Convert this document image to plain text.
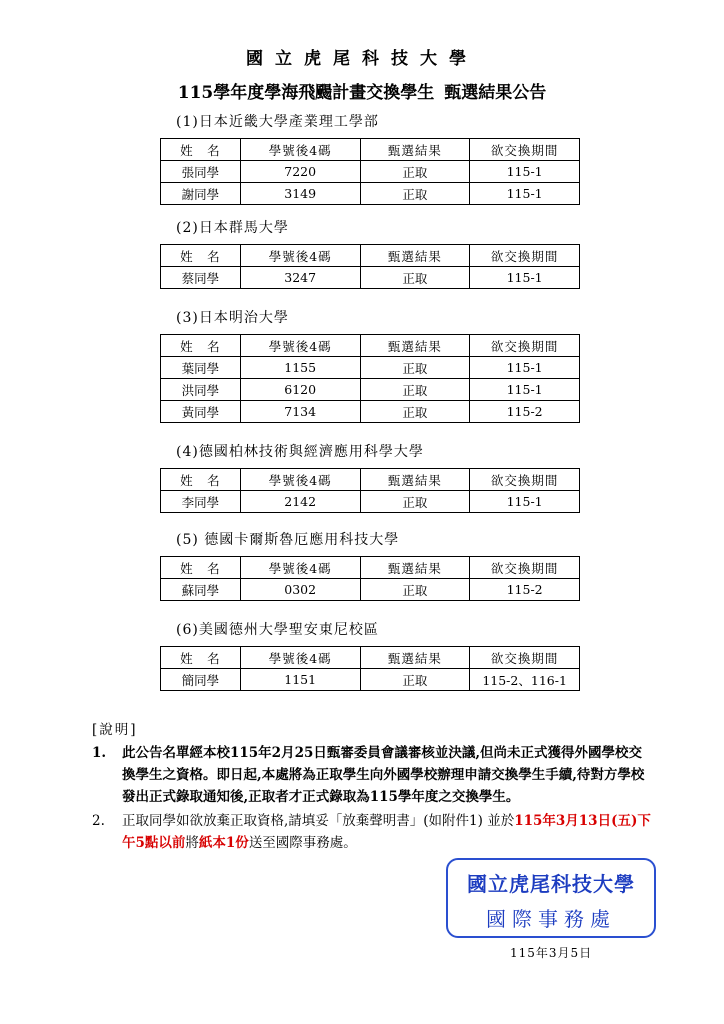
國立虎尾科技大學
115學年度學海飛颺計畫交換學生 甄選結果公告
(1)日本近畿大學產業理工學部
姓　名	學號後4碼	甄選結果	欲交換期間
張同學	7220	正取	115-1
謝同學	3149	正取	115-1
(2)日本群馬大學
姓　名	學號後4碼	甄選結果	欲交換期間
蔡同學	3247	正取	115-1
(3)日本明治大學
姓　名	學號後4碼	甄選結果	欲交換期間
葉同學	1155	正取	115-1
洪同學	6120	正取	115-1
黃同學	7134	正取	115-2
(4)德國柏林技術與經濟應用科學大學
姓　名	學號後4碼	甄選結果	欲交換期間
李同學	2142	正取	115-1
(5) 德國卡爾斯魯厄應用科技大學
姓　名	學號後4碼	甄選結果	欲交換期間
蘇同學	0302	正取	115-2
(6)美國德州大學聖安東尼校區
姓　名	學號後4碼	甄選結果	欲交換期間
簡同學	1151	正取	115-2、116-1
[說明]
1. 此公告名單經本校115年2月25日甄審委員會議審核並決議,但尚未正式獲得外國學校交換學生之資格。即日起,本處將為正取學生向外國學校辦理申請交換學生手續,待對方學校發出正式錄取通知後,正取者才正式錄取為115學年度之交換學生。
2. 正取同學如欲放棄正取資格,請填妥「放棄聲明書」(如附件1) 並於115年3月13日(五)下午5點以前將紙本1份送至國際事務處。
國立虎尾科技大學
國際事務處
115年3月5日
